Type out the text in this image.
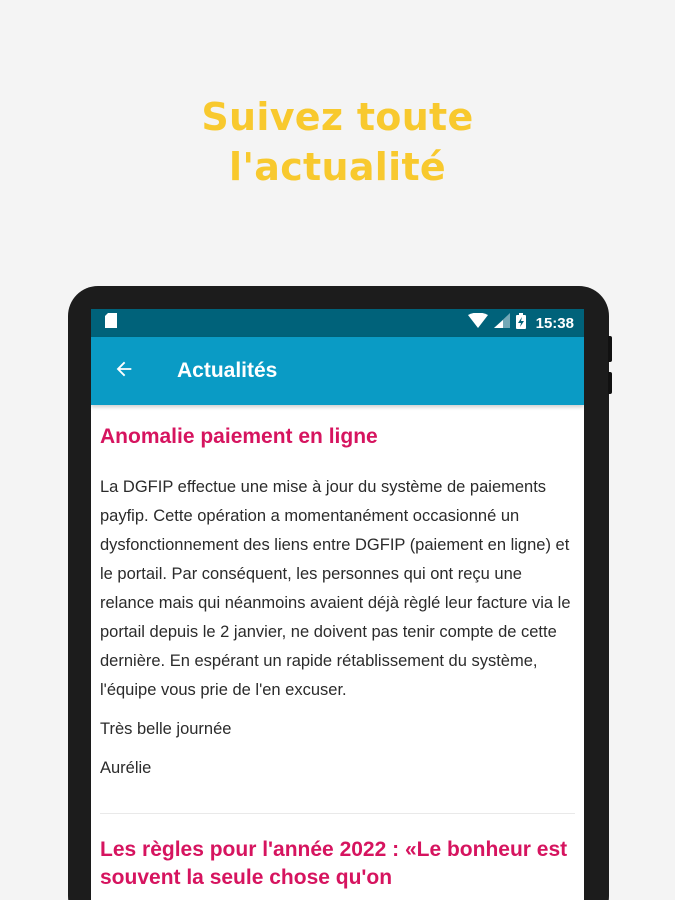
Suivez toute
l'actualité
15:38
Actualités
Anomalie paiement en ligne

La DGFIP effectue une mise à jour du système de paiements payfip. Cette opération a momentanément occasionné un dysfonctionnement des liens entre DGFIP (paiement en ligne) et le portail. Par conséquent, les personnes qui ont reçu une relance mais qui néanmoins avaient déjà règlé leur facture via le portail depuis le 2 janvier, ne doivent pas tenir compte de cette dernière. En espérant un rapide rétablissement du système, l'équipe vous prie de l'en excuser.

Très belle journée

Aurélie

Les règles pour l'année 2022 : «Le bonheur est souvent la seule chose qu'on
